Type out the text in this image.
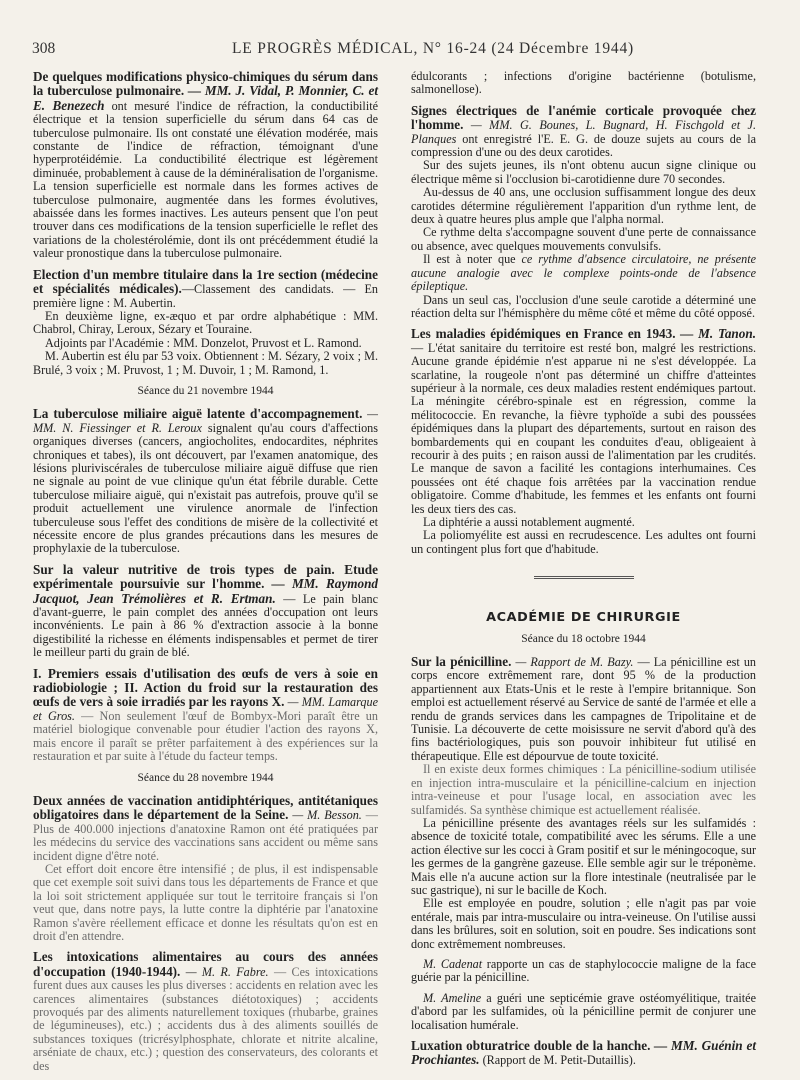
308	LE PROGRÈS MÉDICAL, N° 16-24 (24 Décembre 1944)

De quelques modifications physico-chimiques du sérum dans la tuberculose pulmonaire. — MM. J. Vidal, P. Monnier, C. et E. Benezech ont mesuré l'indice de réfraction, la conductibilité électrique et la tension superficielle du sérum dans 64 cas de tuberculose pulmonaire. Ils ont constaté une élévation modérée, mais constante de l'indice de réfraction, témoignant d'une hyperprotéidémie. La conductibilité électrique est légèrement diminuée, probablement à cause de la déminéralisation de l'organisme. La tension superficielle est normale dans les formes actives de tuberculose pulmonaire, augmentée dans les formes évolutives, abaissée dans les formes inactives. Les auteurs pensent que l'on peut trouver dans ces modifications de la tension superficielle le reflet des variations de la cholestérolémie, dont ils ont précédemment étudié la valeur pronostique dans la tuberculose pulmonaire.

Election d'un membre titulaire dans la 1re section (médecine et spécialités médicales).—Classement des candidats. — En première ligne : M. Aubertin.

En deuxième ligne, ex-æquo et par ordre alphabétique : MM. Chabrol, Chiray, Leroux, Sézary et Touraine.

Adjoints par l'Académie : MM. Donzelot, Pruvost et L. Ramond.

M. Aubertin est élu par 53 voix. Obtiennent : M. Sézary, 2 voix ; M. Brulé, 3 voix ; M. Pruvost, 1 ; M. Duvoir, 1 ; M. Ramond, 1.

Séance du 21 novembre 1944

La tuberculose miliaire aiguë latente d'accompagnement. — MM. N. Fiessinger et R. Leroux signalent qu'au cours d'affections organiques diverses (cancers, angiocholites, endocardites, néphrites chroniques et tabes), ils ont découvert, par l'examen anatomique, des lésions pluriviscérales de tuberculose miliaire aiguë diffuse que rien ne signale au point de vue clinique qu'un état fébrile durable. Cette tuberculose miliaire aiguë, qui n'existait pas autrefois, prouve qu'il se produit actuellement une virulence anormale de l'infection tuberculeuse sous l'effet des conditions de misère de la collectivité et nécessite encore de plus grandes précautions dans les mesures de prophylaxie de la tuberculose.

Sur la valeur nutritive de trois types de pain. Etude expérimentale poursuivie sur l'homme. — MM. Raymond Jacquot, Jean Trémolières et R. Ertman. — Le pain blanc d'avant-guerre, le pain complet des années d'occupation ont leurs inconvénients. Le pain à 86 % d'extraction associe à la bonne digestibilité la richesse en éléments indispensables et permet de tirer le meilleur parti du grain de blé.

I. Premiers essais d'utilisation des œufs de vers à soie en radiobiologie ; II. Action du froid sur la restauration des œufs de vers à soie irradiés par les rayons X. — MM. Lamarque et Gros. — Non seulement l'œuf de Bombyx-Mori paraît être un matériel biologique convenable pour étudier l'action des rayons X, mais encore il paraît se prêter parfaitement à des expériences sur la restauration et par suite à l'étude du facteur temps.

Séance du 28 novembre 1944

Deux années de vaccination antidiphtériques, antitétaniques obligatoires dans le département de la Seine. — M. Besson. — Plus de 400.000 injections d'anatoxine Ramon ont été pratiquées par les médecins du service des vaccinations sans accident ou même sans incident digne d'être noté.

Cet effort doit encore être intensifié ; de plus, il est indispensable que cet exemple soit suivi dans tous les départements de France et que la loi soit strictement appliquée sur tout le territoire français si l'on veut que, dans notre pays, la lutte contre la diphtérie par l'anatoxine Ramon s'avère réellement efficace et donne les résultats qu'on est en droit d'en attendre.

Les intoxications alimentaires au cours des années d'occupation (1940-1944). — M. R. Fabre. — Ces intoxications furent dues aux causes les plus diverses : accidents en relation avec les carences alimentaires (substances diétotoxiques) ; accidents provoqués par des aliments naturellement toxiques (rhubarbe, graines de légumineuses), etc.) ; accidents dus à des aliments souillés de substances toxiques (tricrésylphosphate, chlorate et nitrite alcaline, arséniate de chaux, etc.) ; question des conservateurs, des colorants et des

édulcorants ; infections d'origine bactérienne (botulisme, salmonellose).

Signes électriques de l'anémie corticale provoquée chez l'homme. — MM. G. Bounes, L. Bugnard, H. Fischgold et J. Planques ont enregistré l'E. E. G. de douze sujets au cours de la compression d'une ou des deux carotides.

Sur des sujets jeunes, ils n'ont obtenu aucun signe clinique ou électrique même si l'occlusion bi-carotidienne dure 70 secondes.

Au-dessus de 40 ans, une occlusion suffisamment longue des deux carotides détermine régulièrement l'apparition d'un rythme lent, de deux à quatre heures plus ample que l'alpha normal.

Ce rythme delta s'accompagne souvent d'une perte de connaissance ou absence, avec quelques mouvements convulsifs.

Il est à noter que ce rythme d'absence circulatoire, ne présente aucune analogie avec le complexe points-onde de l'absence épileptique.

Dans un seul cas, l'occlusion d'une seule carotide a déterminé une réaction delta sur l'hémisphère du même côté et même du côté opposé.

Les maladies épidémiques en France en 1943. — M. Tanon. — L'état sanitaire du territoire est resté bon, malgré les restrictions. Aucune grande épidémie n'est apparue ni ne s'est développée. La scarlatine, la rougeole n'ont pas déterminé un chiffre d'atteintes supérieur à la normale, ces deux maladies restent endémiques partout. La méningite cérébro-spinale est en régression, comme la mélitococcie. En revanche, la fièvre typhoïde a subi des poussées épidémiques dans la plupart des départements, surtout en raison des bombardements qui en coupant les conduites d'eau, obligeaient à recourir à des puits ; en raison aussi de l'alimentation par les crudités. Le manque de savon a facilité les contagions interhumaines. Ces poussées ont été chaque fois arrêtées par la vaccination rendue obligatoire. Comme d'habitude, les femmes et les enfants ont fourni les deux tiers des cas.

La diphtérie a aussi notablement augmenté.

La poliomyélite est aussi en recrudescence. Les adultes ont fourni un contingent plus fort que d'habitude.

ACADÉMIE DE CHIRURGIE

Séance du 18 octobre 1944

Sur la pénicilline. — Rapport de M. Bazy. — La pénicilline est un corps encore extrêmement rare, dont 95 % de la production appartiennent aux Etats-Unis et le reste à l'empire britannique. Son emploi est actuellement réservé au Service de santé de l'armée et elle a rendu de grands services dans les campagnes de Tripolitaine et de Tunisie. La découverte de cette moisissure ne servit d'abord qu'à des fins bactériologiques, puis son pouvoir inhibiteur fut utilisé en thérapeutique. Elle est dépourvue de toute toxicité.

Il en existe deux formes chimiques : La pénicilline-sodium utilisée en injection intra-musculaire et la pénicilline-calcium en injection intra-veineuse et pour l'usage local, en association avec les sulfamidés. Sa synthèse chimique est actuellement réalisée.

La pénicilline présente des avantages réels sur les sulfamidés : absence de toxicité totale, compatibilité avec les sérums. Elle a une action élective sur les cocci à Gram positif et sur le méningocoque, sur les germes de la gangrène gazeuse. Elle semble agir sur le tréponème. Mais elle n'a aucune action sur la flore intestinale (neutralisée par le suc gastrique), ni sur le bacille de Koch.

Elle est employée en poudre, solution ; elle n'agit pas par voie entérale, mais par intra-musculaire ou intra-veineuse. On l'utilise aussi dans les brûlures, soit en solution, soit en poudre. Ses indications sont donc extrêmement nombreuses.

M. Cadenat rapporte un cas de staphylococcie maligne de la face guérie par la pénicilline.

M. Ameline a guéri une septicémie grave ostéomyélitique, traitée d'abord par les sulfamides, où la pénicilline permit de conjurer une localisation humérale.

Luxation obturatrice double de la hanche. — MM. Guénin et Prochiantes. (Rapport de M. Petit-Dutaillis).
